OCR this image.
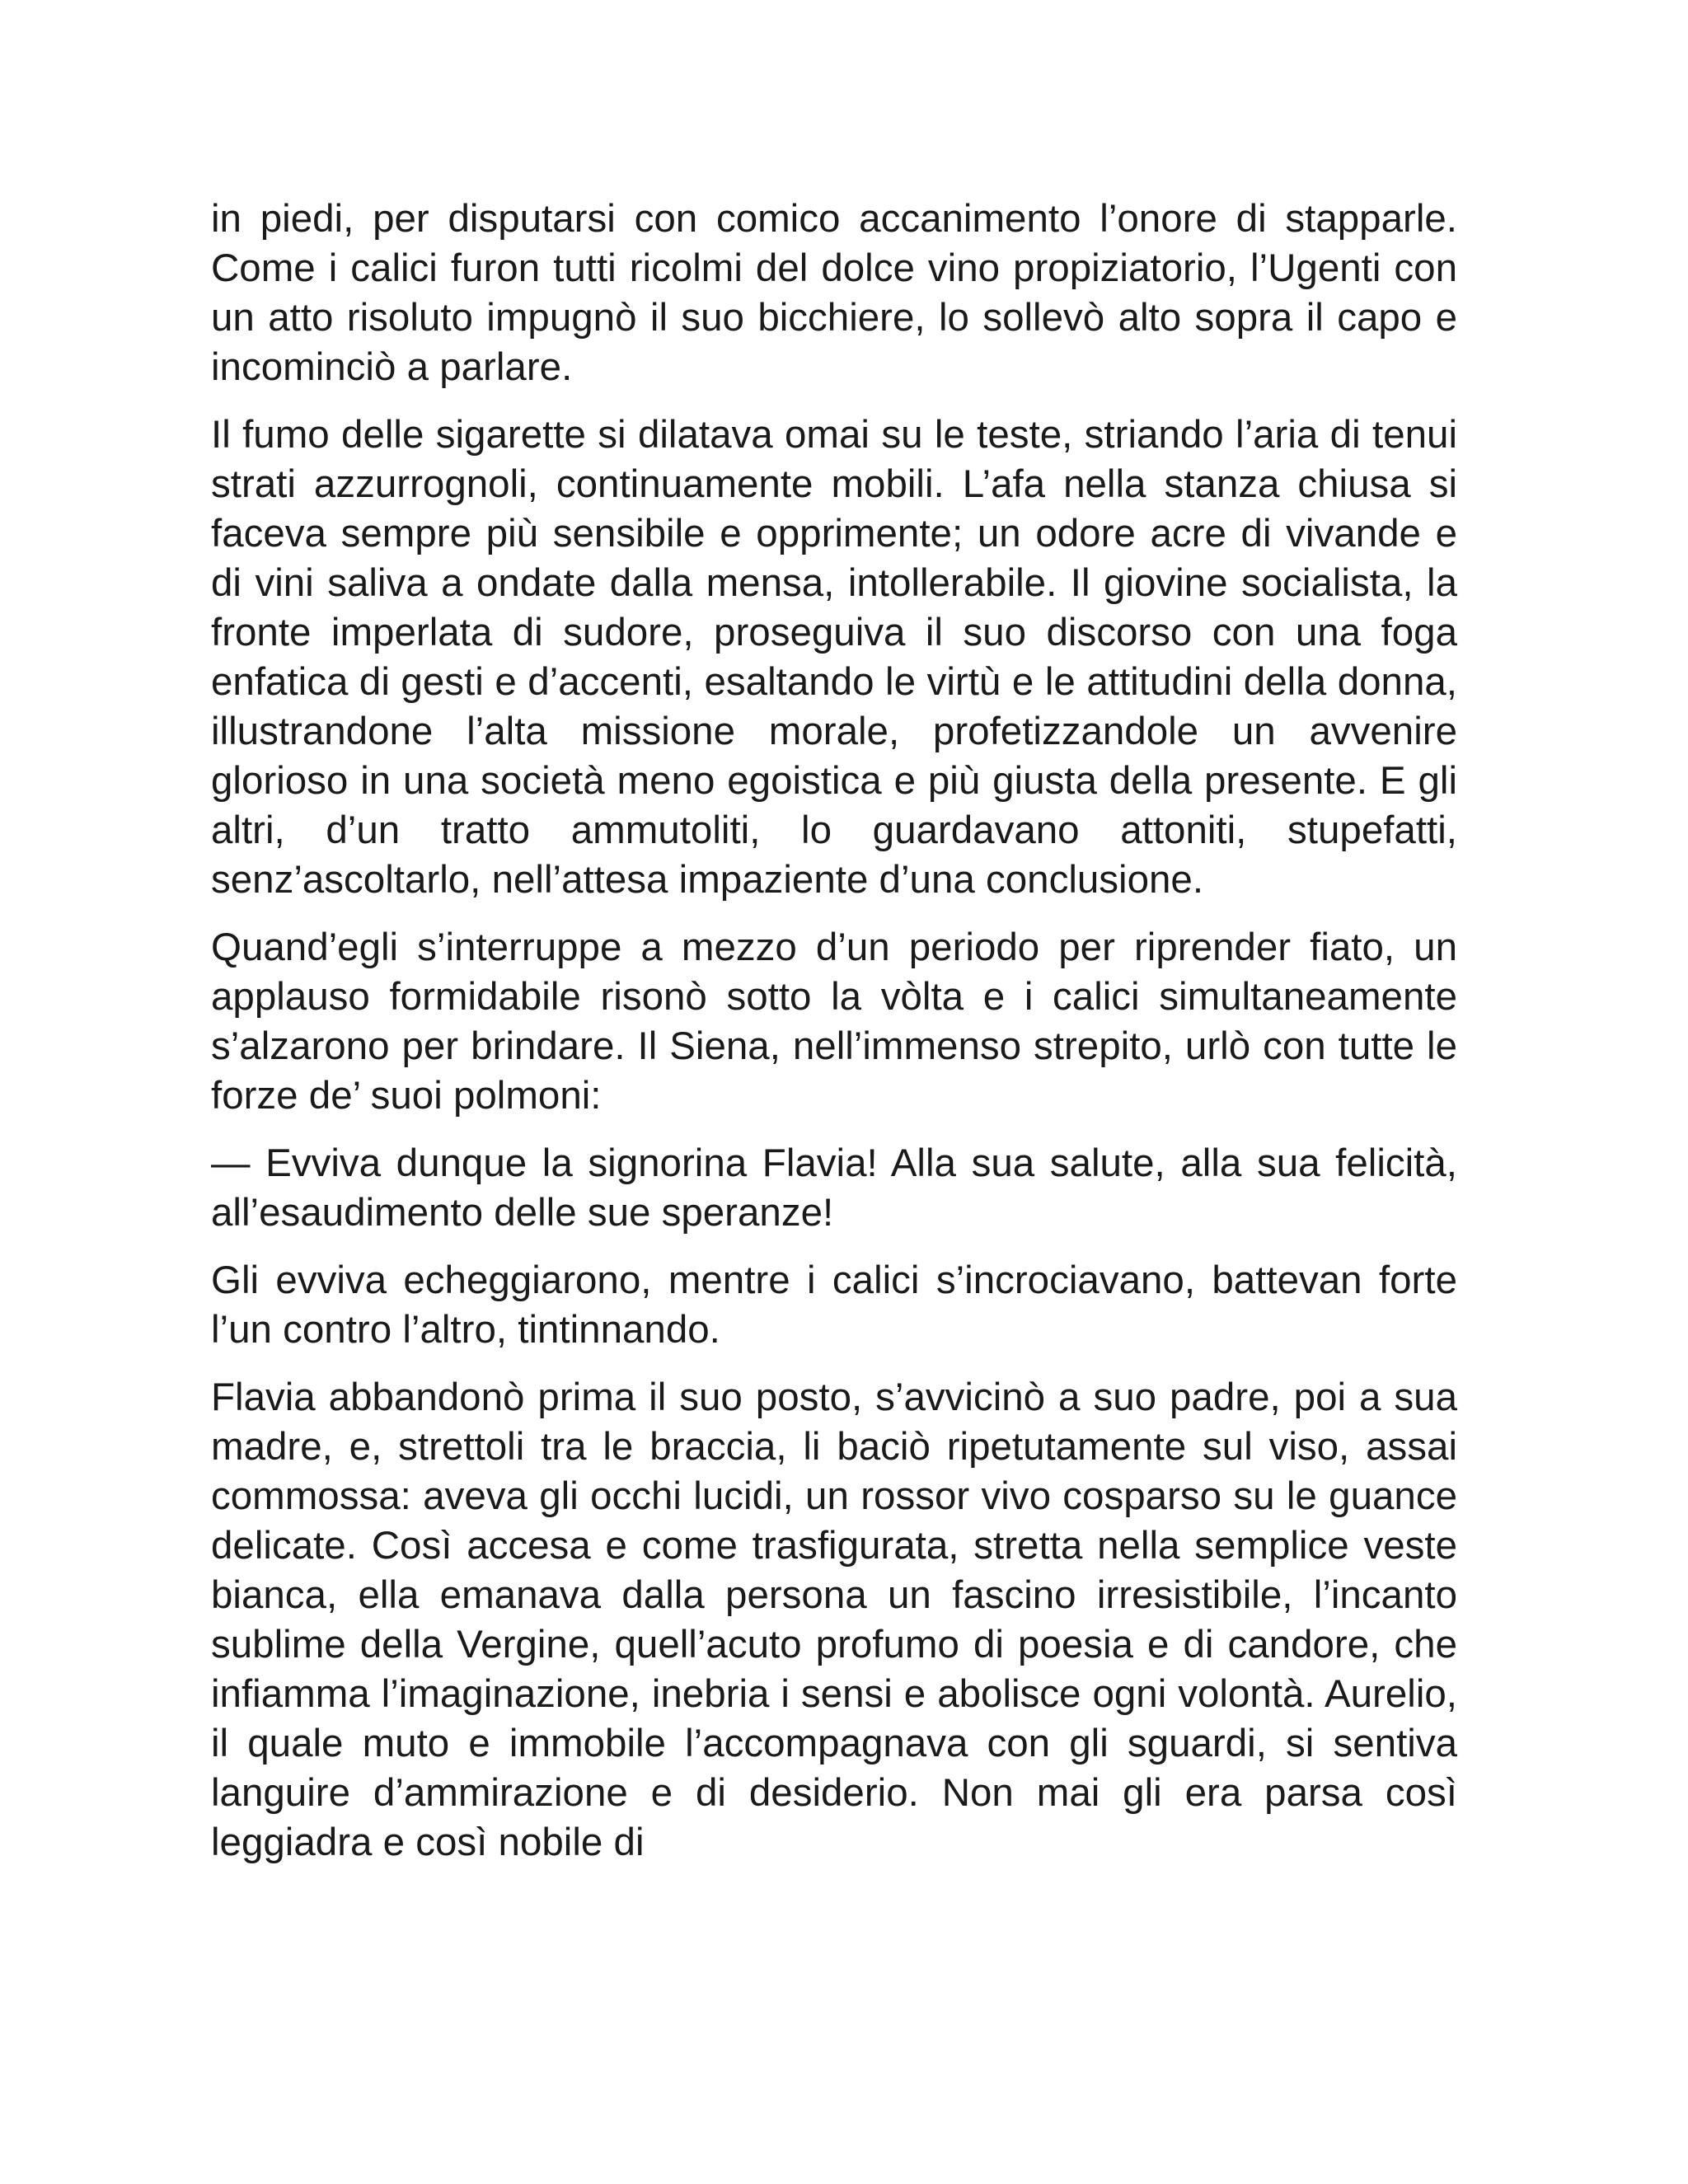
in piedi, per disputarsi con comico accanimento l’onore di stapparle. Come i calici furon tutti ricolmi del dolce vino propiziatorio, l’Ugenti con un atto risoluto impugnò il suo bicchiere, lo sollevò alto sopra il capo e incominciò a parlare.

Il fumo delle sigarette si dilatava omai su le teste, striando l’aria di tenui strati azzurrognoli, continuamente mobili. L’afa nella stanza chiusa si faceva sempre più sensibile e opprimente; un odore acre di vivande e di vini saliva a ondate dalla mensa, intollerabile. Il giovine socialista, la fronte imperlata di sudore, proseguiva il suo discorso con una foga enfatica di gesti e d’accenti, esaltando le virtù e le attitudini della donna, illustrandone l’alta missione morale, profetizzandole un avvenire glorioso in una società meno egoistica e più giusta della presente. E gli altri, d’un tratto ammutoliti, lo guardavano attoniti, stupefatti, senz’ascoltarlo, nell’attesa impaziente d’una conclusione.

Quand’egli s’interruppe a mezzo d’un periodo per riprender fiato, un applauso formidabile risonò sotto la vòlta e i calici simultaneamente s’alzarono per brindare. Il Siena, nell’immenso strepito, urlò con tutte le forze de’ suoi polmoni:

— Evviva dunque la signorina Flavia! Alla sua salute, alla sua felicità, all’esaudimento delle sue speranze!

Gli evviva echeggiarono, mentre i calici s’incrociavano, battevan forte l’un contro l’altro, tintinnando.

Flavia abbandonò prima il suo posto, s’avvicinò a suo padre, poi a sua madre, e, strettoli tra le braccia, li baciò ripetutamente sul viso, assai commossa: aveva gli occhi lucidi, un rossor vivo cosparso su le guance delicate. Così accesa e come trasfigurata, stretta nella semplice veste bianca, ella emanava dalla persona un fascino irresistibile, l’incanto sublime della Vergine, quell’acuto profumo di poesia e di candore, che infiamma l’imaginazione, inebria i sensi e abolisce ogni volontà. Aurelio, il quale muto e immobile l’accompagnava con gli sguardi, si sentiva languire d’ammirazione e di desiderio. Non mai gli era parsa così leggiadra e così nobile di
